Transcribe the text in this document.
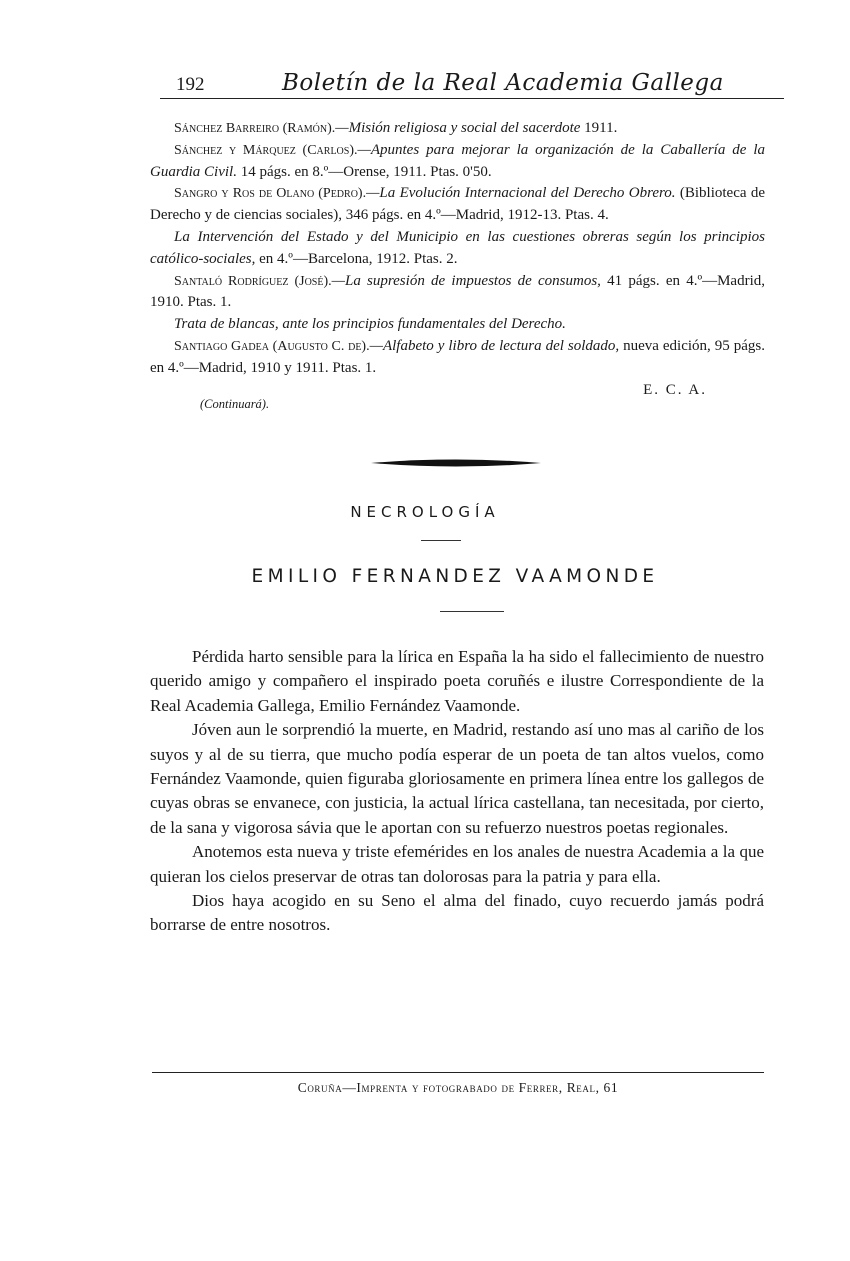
192	Boletín de la Real Academia Gallega

Sánchez Barreiro (Ramón).—Misión religiosa y social del sacerdote 1911.

Sánchez y Márquez (Carlos).—Apuntes para mejorar la organización de la Caballería de la Guardia Civil. 14 págs. en 8.º—Orense, 1911. Ptas. 0'50.

Sangro y Ros de Olano (Pedro).—La Evolución Internacional del Derecho Obrero. (Biblioteca de Derecho y de ciencias sociales), 346 págs. en 4.º—Madrid, 1912-13. Ptas. 4.

La Intervención del Estado y del Municipio en las cuestiones obreras según los principios católico-sociales, en 4.º—Barcelona, 1912. Ptas. 2.

Santaló Rodríguez (José).—La supresión de impuestos de consumos, 41 págs. en 4.º—Madrid, 1910. Ptas. 1.

Trata de blancas, ante los principios fundamentales del Derecho.

Santiago Gadea (Augusto C. de).—Alfabeto y libro de lectura del soldado, nueva edición, 95 págs. en 4.º—Madrid, 1910 y 1911. Ptas. 1.

E. C. A.

(Continuará).
NECROLOGÍA
EMILIO FERNANDEZ VAAMONDE

Pérdida harto sensible para la lírica en España la ha sido el fallecimiento de nuestro querido amigo y compañero el inspirado poeta coruñés e ilustre Correspondiente de la Real Academia Gallega, Emilio Fernández Vaamonde.

Jóven aun le sorprendió la muerte, en Madrid, restando así uno mas al cariño de los suyos y al de su tierra, que mucho podía esperar de un poeta de tan altos vuelos, como Fernández Vaamonde, quien figuraba gloriosamente en primera línea entre los gallegos de cuyas obras se envanece, con justicia, la actual lírica castellana, tan necesitada, por cierto, de la sana y vigorosa sávia que le aportan con su refuerzo nuestros poetas regionales.

Anotemos esta nueva y triste efemérides en los anales de nuestra Academia a la que quieran los cielos preservar de otras tan dolorosas para la patria y para ella.

Dios haya acogido en su Seno el alma del finado, cuyo recuerdo jamás podrá borrarse de entre nosotros.

Coruña—Imprenta y fotograbado de Ferrer, Real, 61
